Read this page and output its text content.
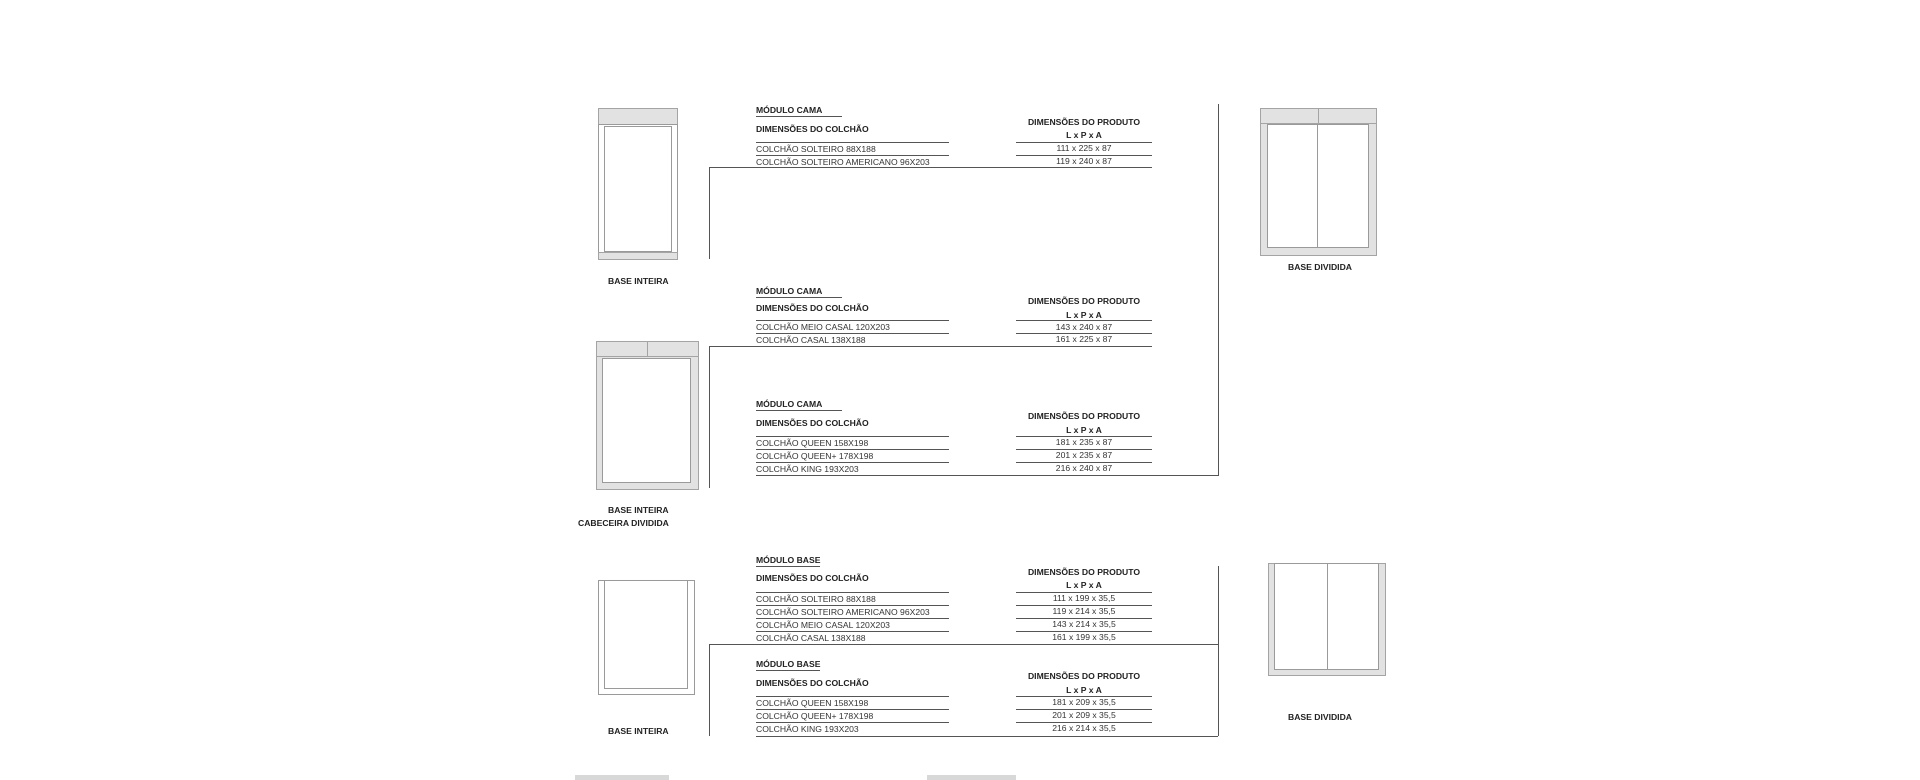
BASE INTEIRA
BASE INTEIRA
CABECEIRA DIVIDIDA
BASE INTEIRA
BASE DIVIDIDA
BASE DIVIDIDA
MÓDULO CAMA
DIMENSÕES DO COLCHÃO
DIMENSÕES DO PRODUTO
L x P x A
COLCHÃO SOLTEIRO 88X188	111 x 225 x 87
COLCHÃO SOLTEIRO AMERICANO 96X203	119 x 240 x 87
MÓDULO CAMA
DIMENSÕES DO COLCHÃO
DIMENSÕES DO PRODUTO
L x P x A
COLCHÃO MEIO CASAL 120X203	143 x 240 x 87
COLCHÃO CASAL 138X188	161 x 225 x 87
MÓDULO CAMA
DIMENSÕES DO COLCHÃO
DIMENSÕES DO PRODUTO
L x P x A
COLCHÃO QUEEN 158X198	181 x 235 x 87
COLCHÃO QUEEN+ 178X198	201 x 235 x 87
COLCHÃO KING 193X203	216 x 240 x 87
MÓDULO BASE
DIMENSÕES DO COLCHÃO
DIMENSÕES DO PRODUTO
L x P x A
COLCHÃO SOLTEIRO 88X188	111 x 199 x 35,5
COLCHÃO SOLTEIRO AMERICANO 96X203	119 x 214 x 35,5
COLCHÃO MEIO CASAL 120X203	143 x 214 x 35,5
COLCHÃO CASAL 138X188	161 x 199 x 35,5
MÓDULO BASE
DIMENSÕES DO COLCHÃO
DIMENSÕES DO PRODUTO
L x P x A
COLCHÃO QUEEN 158X198	181 x 209 x 35,5
COLCHÃO QUEEN+ 178X198	201 x 209 x 35,5
COLCHÃO KING 193X203	216 x 214 x 35,5
